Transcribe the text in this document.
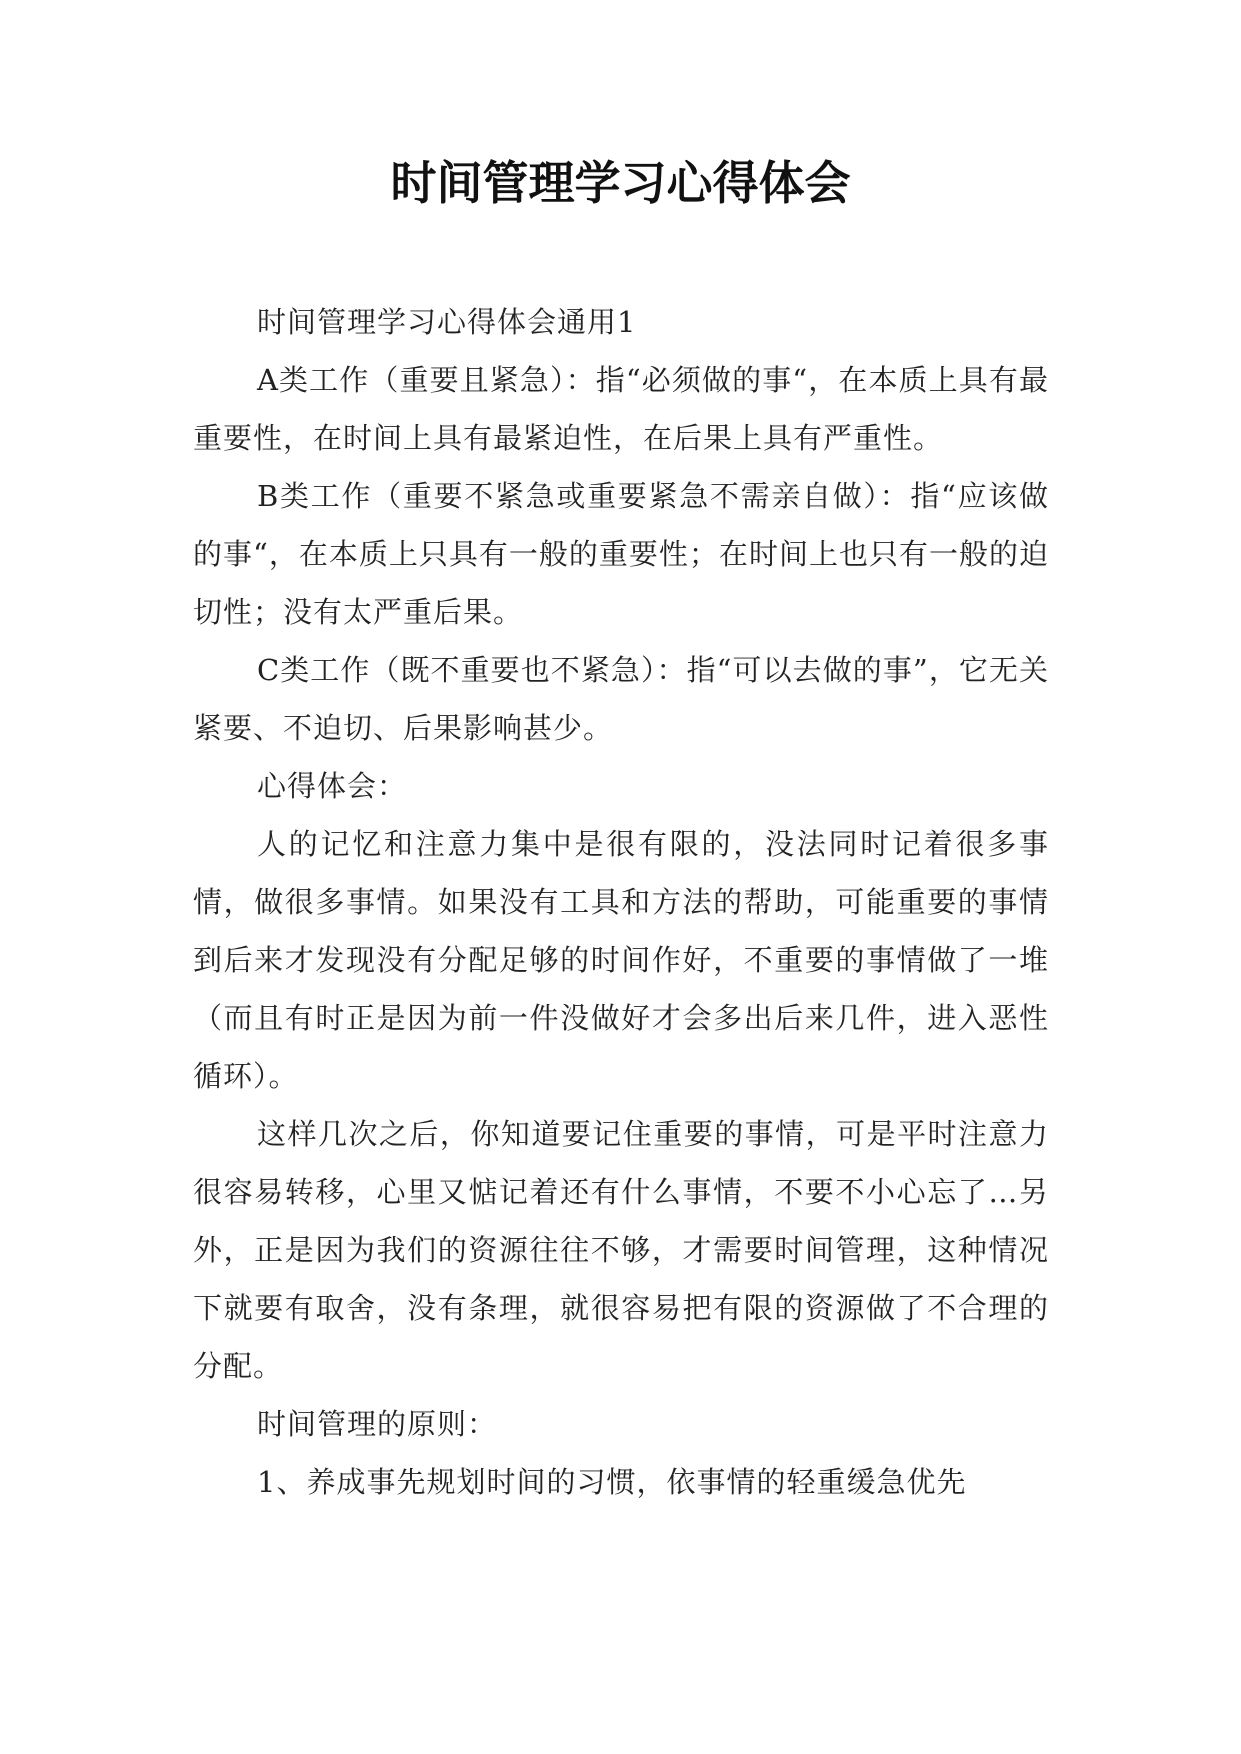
时间管理学习心得体会

时间管理学习心得体会通用1

A类工作（重要且紧急）：指“必须做的事“，在本质上具有最重要性，在时间上具有最紧迫性，在后果上具有严重性。

B类工作（重要不紧急或重要紧急不需亲自做）：指“应该做的事“，在本质上只具有一般的重要性；在时间上也只有一般的迫切性；没有太严重后果。

C类工作（既不重要也不紧急）：指“可以去做的事”，它无关紧要、不迫切、后果影响甚少。

心得体会：

人的记忆和注意力集中是很有限的，没法同时记着很多事情，做很多事情。如果没有工具和方法的帮助，可能重要的事情到后来才发现没有分配足够的时间作好，不重要的事情做了一堆（而且有时正是因为前一件没做好才会多出后来几件，进入恶性循环）。

这样几次之后，你知道要记住重要的事情，可是平时注意力很容易转移，心里又惦记着还有什么事情，不要不小心忘了…另外，正是因为我们的资源往往不够，才需要时间管理，这种情况下就要有取舍，没有条理，就很容易把有限的资源做了不合理的分配。

时间管理的原则：

1、养成事先规划时间的习惯，依事情的轻重缓急优先
